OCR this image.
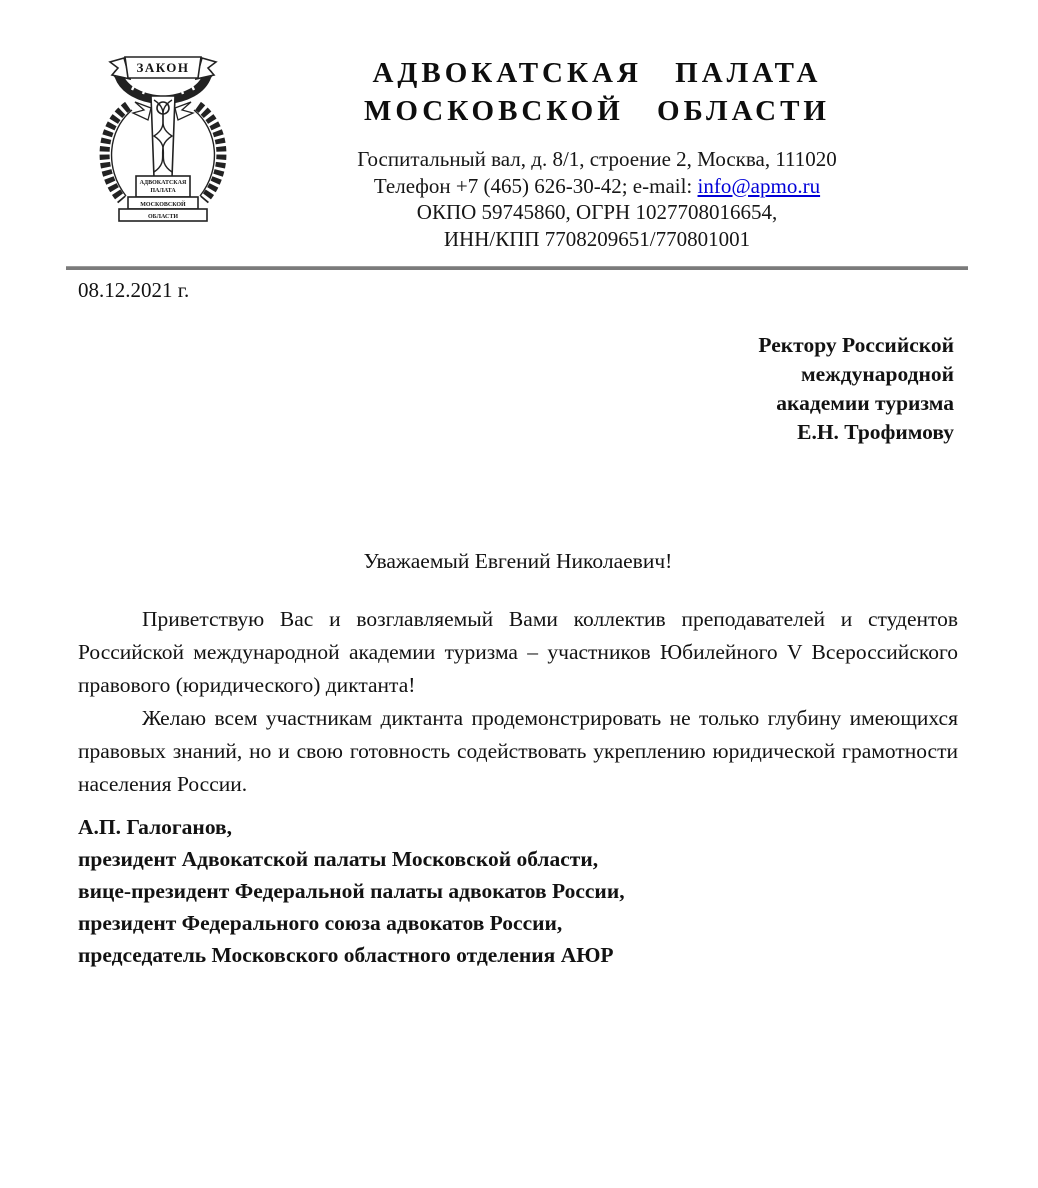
ЗАКОН
АДВОКАТСКАЯ
ПАЛАТА
МОСКОВСКОЙ
ОБЛАСТИ
АДВОКАТСКАЯ ПАЛАТА
МОСКОВСКОЙ ОБЛАСТИ
Госпитальный вал, д. 8/1, строение 2, Москва, 111020
Телефон +7 (465) 626-30-42; e-mail: info@apmo.ru
ОКПО 59745860, ОГРН 1027708016654,
ИНН/КПП 7708209651/770801001
08.12.2021 г.
Ректору Российской
международной
академии туризма
Е.Н. Трофимову

Уважаемый Евгений Николаевич!

Приветствую Вас и возглавляемый Вами коллектив преподавателей и студентов Российской международной академии туризма – участников Юбилейного V Всероссийского правового (юридического) диктанта!

Желаю всем участникам диктанта продемонстрировать не только глубину имеющихся правовых знаний, но и свою готовность содействовать укреплению юридической грамотности населения России.

А.П. Галоганов,
президент Адвокатской палаты Московской области,
вице-президент Федеральной палаты адвокатов России,
президент Федерального союза адвокатов России,
председатель Московского областного отделения АЮР
